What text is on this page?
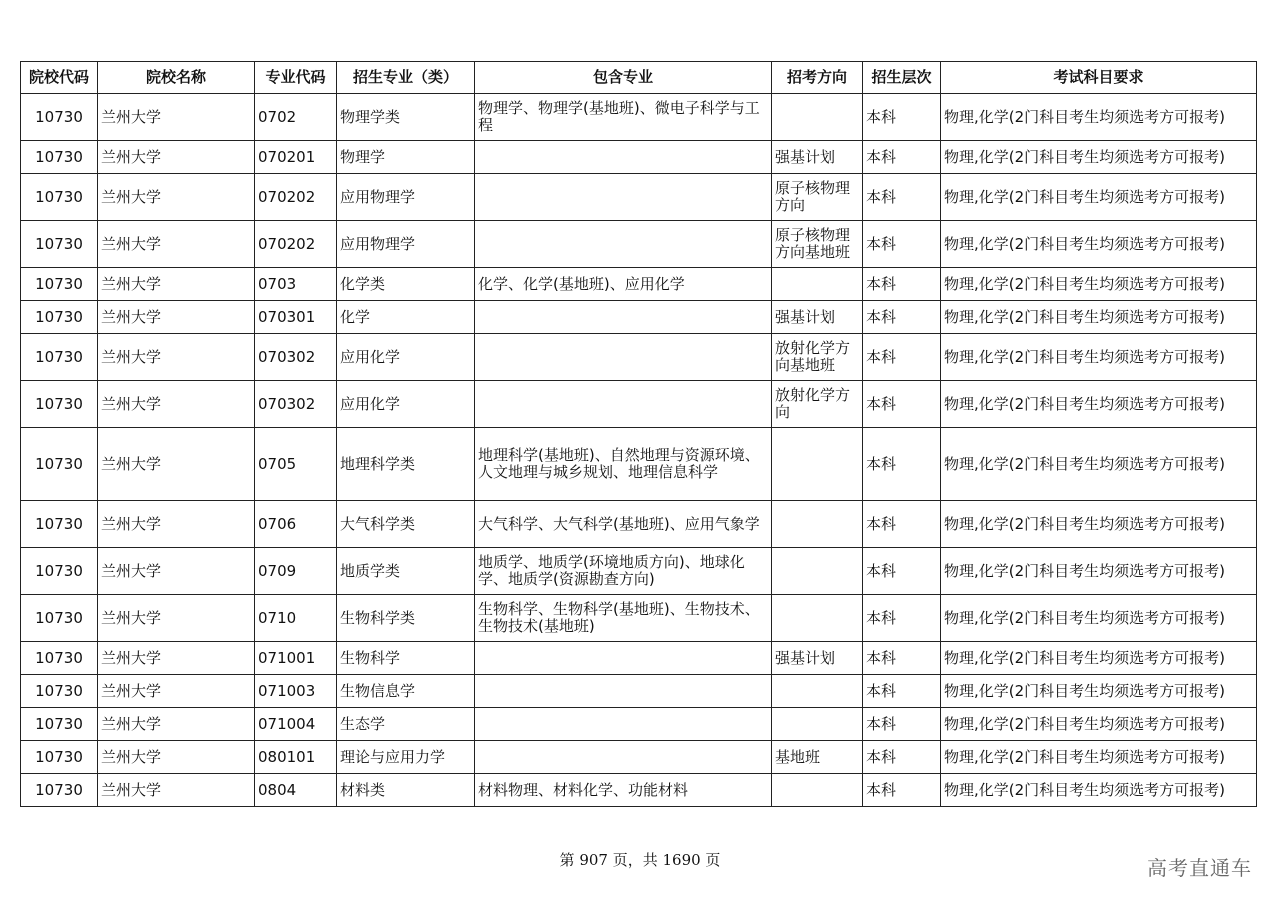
院校代码	院校名称	专业代码	招生专业（类）	包含专业	招考方向	招生层次	考试科目要求
10730	兰州大学	0702	物理学类	物理学、物理学(基地班)、微电子科学与工程		本科	物理,化学(2门科目考生均须选考方可报考)
10730	兰州大学	070201	物理学		强基计划	本科	物理,化学(2门科目考生均须选考方可报考)
10730	兰州大学	070202	应用物理学		原子核物理方向	本科	物理,化学(2门科目考生均须选考方可报考)
10730	兰州大学	070202	应用物理学		原子核物理方向基地班	本科	物理,化学(2门科目考生均须选考方可报考)
10730	兰州大学	0703	化学类	化学、化学(基地班)、应用化学		本科	物理,化学(2门科目考生均须选考方可报考)
10730	兰州大学	070301	化学		强基计划	本科	物理,化学(2门科目考生均须选考方可报考)
10730	兰州大学	070302	应用化学		放射化学方向基地班	本科	物理,化学(2门科目考生均须选考方可报考)
10730	兰州大学	070302	应用化学		放射化学方向	本科	物理,化学(2门科目考生均须选考方可报考)
10730	兰州大学	0705	地理科学类	地理科学(基地班)、自然地理与资源环境、人文地理与城乡规划、地理信息科学		本科	物理,化学(2门科目考生均须选考方可报考)
10730	兰州大学	0706	大气科学类	大气科学、大气科学(基地班)、应用气象学		本科	物理,化学(2门科目考生均须选考方可报考)
10730	兰州大学	0709	地质学类	地质学、地质学(环境地质方向)、地球化学、地质学(资源勘查方向)		本科	物理,化学(2门科目考生均须选考方可报考)
10730	兰州大学	0710	生物科学类	生物科学、生物科学(基地班)、生物技术、生物技术(基地班)		本科	物理,化学(2门科目考生均须选考方可报考)
10730	兰州大学	071001	生物科学		强基计划	本科	物理,化学(2门科目考生均须选考方可报考)
10730	兰州大学	071003	生物信息学			本科	物理,化学(2门科目考生均须选考方可报考)
10730	兰州大学	071004	生态学			本科	物理,化学(2门科目考生均须选考方可报考)
10730	兰州大学	080101	理论与应用力学		基地班	本科	物理,化学(2门科目考生均须选考方可报考)
10730	兰州大学	0804	材料类	材料物理、材料化学、功能材料		本科	物理,化学(2门科目考生均须选考方可报考)
第 907 页，共 1690 页	高考直通车
